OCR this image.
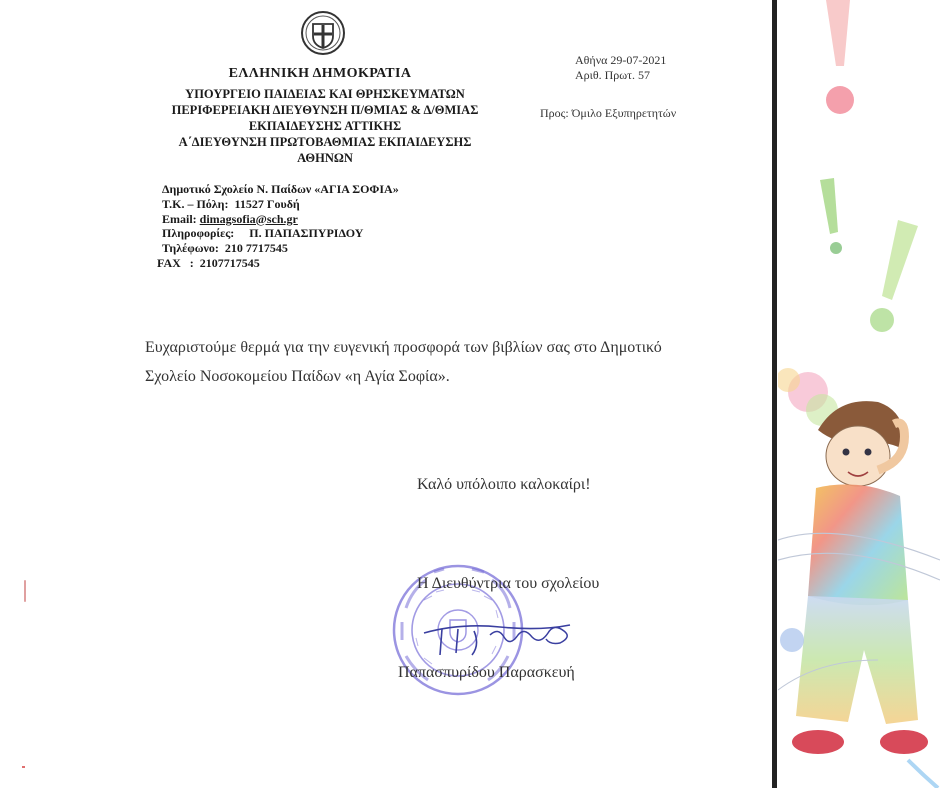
ΕΛΛΗΝΙΚΗ ΔΗΜΟΚΡΑΤΙΑ
ΥΠΟΥΡΓΕΙΟ ΠΑΙΔΕΙΑΣ ΚΑΙ ΘΡΗΣΚΕΥΜΑΤΩΝ
ΠΕΡΙΦΕΡΕΙΑΚΗ ΔΙΕΥΘΥΝΣΗ Π/ΘΜΙΑΣ & Δ/ΘΜΙΑΣ
ΕΚΠΑΙΔΕΥΣΗΣ ΑΤΤΙΚΗΣ
Α΄ΔΙΕΥΘΥΝΣΗ ΠΡΩΤΟΒΑΘΜΙΑΣ ΕΚΠΑΙΔΕΥΣΗΣ
ΑΘΗΝΩΝ
Αθήνα 29-07-2021
Αριθ. Πρωτ. 57
Προς: Όμιλο Εξυπηρετητών
Δημοτικό Σχολείο Ν. Παίδων «ΑΓΙΑ ΣΟΦΙΑ»
Τ.Κ. – Πόλη:  11527 Γουδή
Email: dimagsofia@sch.gr
Πληροφορίες:     Π. ΠΑΠΑΣΠΥΡΙΔΟΥ
Τηλέφωνο:  210 7717545
FAX   :  2107717545
Ευχαριστούμε θερμά για την ευγενική προσφορά των βιβλίων σας στο Δημοτικό Σχολείο Νοσοκομείου Παίδων «η Αγία Σοφία».
Καλό υπόλοιπο καλοκαίρι!
Η Διευθύντρια του σχολείου
Παπασπυρίδου Παρασκευή
